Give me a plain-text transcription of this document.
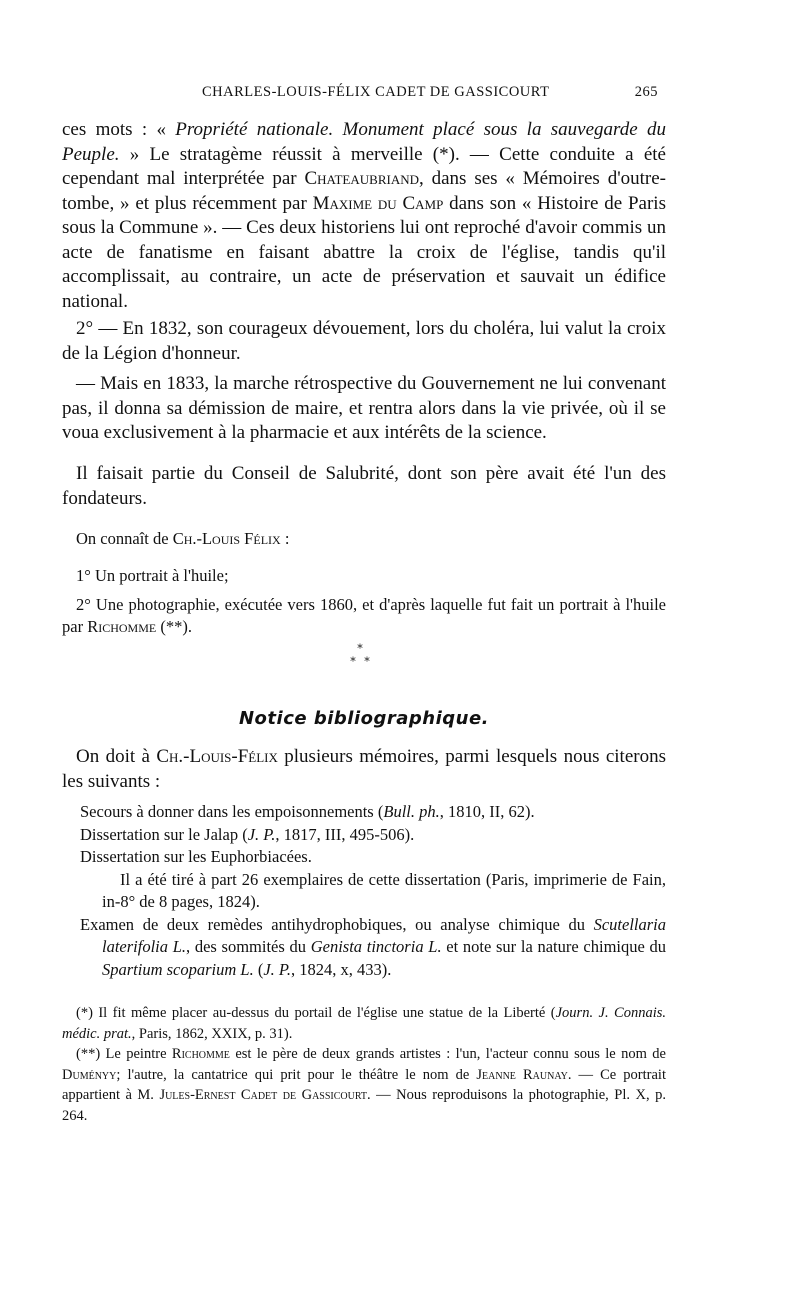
CHARLES-LOUIS-FÉLIX CADET DE GASSICOURT	265
ces mots : « Propriété nationale. Monument placé sous la sauvegarde du Peuple. » Le stratagème réussit à merveille (*). — Cette conduite a été cependant mal interprétée par Chateaubriand, dans ses « Mémoires d'outre-tombe, » et plus récemment par Maxime du Camp dans son « Histoire de Paris sous la Commune ». — Ces deux historiens lui ont reproché d'avoir commis un acte de fanatisme en faisant abattre la croix de l'église, tandis qu'il accomplissait, au contraire, un acte de préservation et sauvait un édifice national.
2° — En 1832, son courageux dévouement, lors du choléra, lui valut la croix de la Légion d'honneur.
— Mais en 1833, la marche rétrospective du Gouvernement ne lui convenant pas, il donna sa démission de maire, et rentra alors dans la vie privée, où il se voua exclusivement à la pharmacie et aux intérêts de la science.
Il faisait partie du Conseil de Salubrité, dont son père avait été l'un des fondateurs.
On connaît de Ch.-Louis Félix :
1° Un portrait à l'huile;
2° Une photographie, exécutée vers 1860, et d'après laquelle fut fait un portrait à l'huile par Richomme (**).
*
* *
Notice bibliographique.
On doit à Ch.-Louis-Félix plusieurs mémoires, parmi lesquels nous citerons les suivants :
Secours à donner dans les empoisonnements (Bull. ph., 1810, II, 62).
Dissertation sur le Jalap (J. P., 1817, III, 495-506).
Dissertation sur les Euphorbiacées.
Il a été tiré à part 26 exemplaires de cette dissertation (Paris, imprimerie de Fain, in-8° de 8 pages, 1824).
Examen de deux remèdes antihydrophobiques, ou analyse chimique du Scutellaria laterifolia L., des sommités du Genista tinctoria L. et note sur la nature chimique du Spartium scoparium L. (J. P., 1824, x, 433).
(*) Il fit même placer au-dessus du portail de l'église une statue de la Liberté (Journ. J. Connais. médic. prat., Paris, 1862, XXIX, p. 31).
(**) Le peintre Richomme est le père de deux grands artistes : l'un, l'acteur connu sous le nom de Duményy; l'autre, la cantatrice qui prit pour le théâtre le nom de Jeanne Raunay. — Ce portrait appartient à M. Jules-Ernest Cadet de Gassicourt. — Nous reproduisons la photographie, Pl. X, p. 264.
